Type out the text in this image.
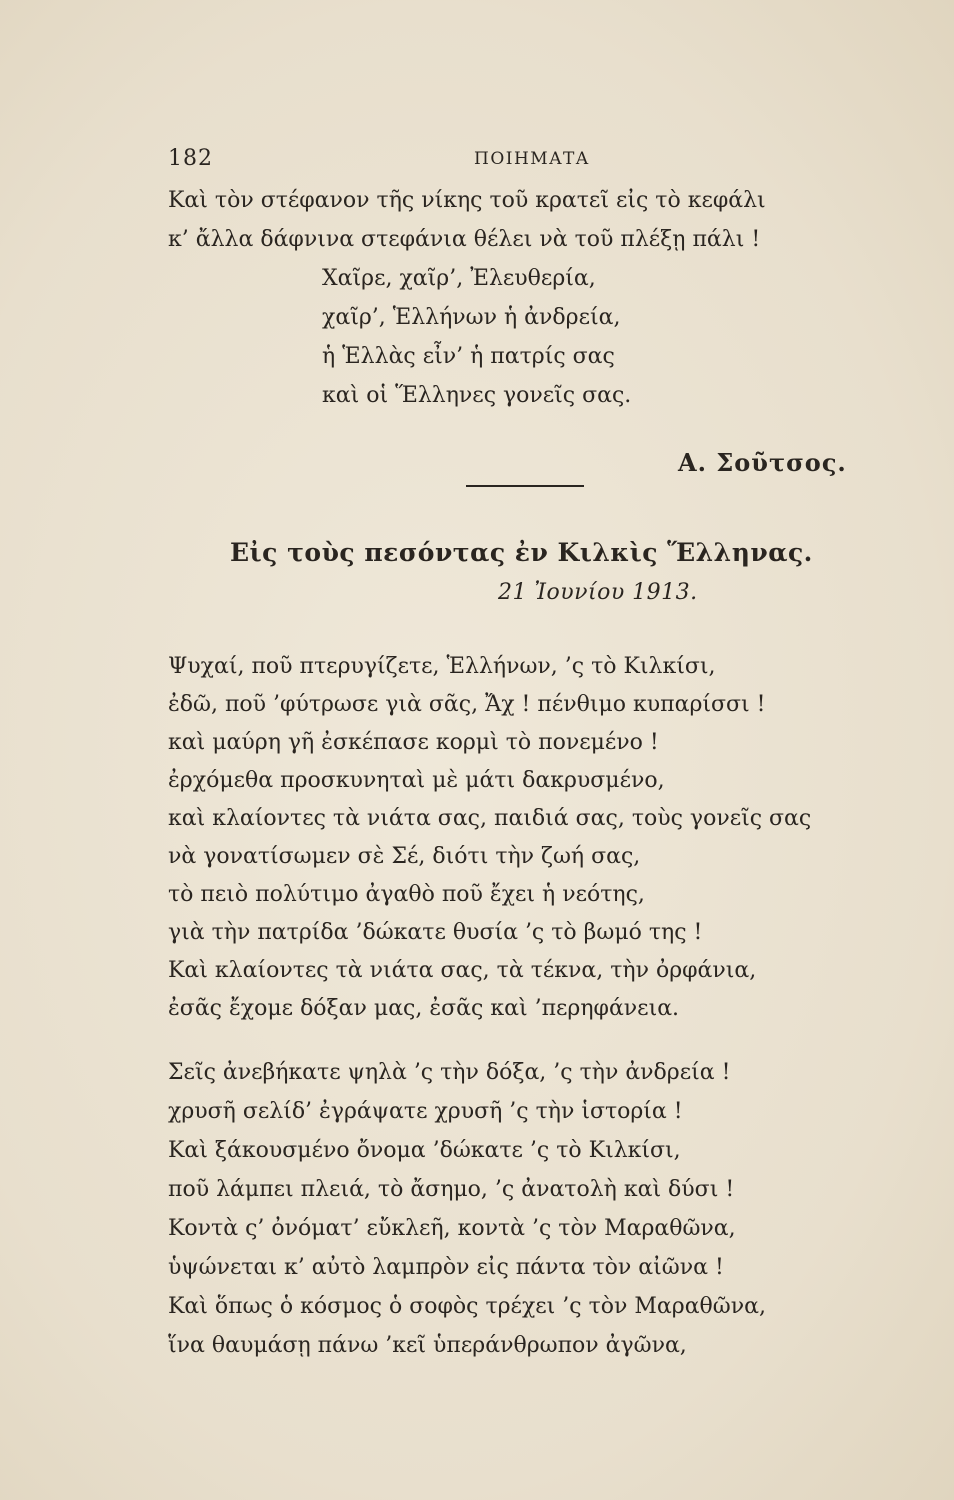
182	ΠΟΙΗΜΑΤΑ
Καὶ τὸν στέφανον τῆς νίκης τοῦ κρατεῖ εἰς τὸ κεφάλι
κ’ ἄλλα δάφνινα στεφάνια θέλει νὰ τοῦ πλέξῃ πάλι !
Χαῖρε, χαῖρ’, Ἐλευθερία,
χαῖρ’, Ἑλλήνων ἡ ἀνδρεία,
ἡ Ἑλλὰς εἶν’ ἡ πατρίς σας
καὶ οἱ Ἕλληνες γονεῖς σας.
Α. Σοῦτσος.
Εἰς τοὺς πεσόντας ἐν Κιλκὶς Ἕλληνας.
21 Ἰουνίου 1913.
Ψυχαί, ποῦ πτερυγίζετε, Ἑλλήνων, ’ς τὸ Κιλκίσι,
ἐδῶ, ποῦ ’φύτρωσε γιὰ σᾶς, Ἄχ ! πένθιμο κυπαρίσσι !
καὶ μαύρη γῆ ἐσκέπασε κορμὶ τὸ πονεμένο !
ἐρχόμεθα προσκυνηταὶ μὲ μάτι δακρυσμένο,
καὶ κλαίοντες τὰ νιάτα σας, παιδιά σας, τοὺς γονεῖς σας
νὰ γονατίσωμεν σὲ Σέ, διότι τὴν ζωή σας,
τὸ πειὸ πολύτιμο ἀγαθὸ ποῦ ἔχει ἡ νεότης,
γιὰ τὴν πατρίδα ’δώκατε θυσία ’ς τὸ βωμό της !
Καὶ κλαίοντες τὰ νιάτα σας, τὰ τέκνα, τὴν ὀρφάνια,
ἐσᾶς ἔχομε δόξαν μας, ἐσᾶς καὶ ’περηφάνεια.
Σεῖς ἀνεβήκατε ψηλὰ ’ς τὴν δόξα, ’ς τὴν ἀνδρεία !
χρυσῆ σελίδ’ ἐγράψατε χρυσῆ ’ς τὴν ἱστορία !
Καὶ ξάκουσμένο ὄνομα ’δώκατε ’ς τὸ Κιλκίσι,
ποῦ λάμπει πλειά, τὸ ἄσημο, ’ς ἀνατολὴ καὶ δύσι !
Κοντὰ ς’ ὀνόματ’ εὔκλεῆ, κοντὰ ’ς τὸν Μαραθῶνα,
ὑψώνεται κ’ αὐτὸ λαμπρὸν εἰς πάντα τὸν αἰῶνα !
Καὶ ὅπως ὁ κόσμος ὁ σοφὸς τρέχει ’ς τὸν Μαραθῶνα,
ἵνα θαυμάσῃ πάνω ’κεῖ ὑπεράνθρωπον ἀγῶνα,
